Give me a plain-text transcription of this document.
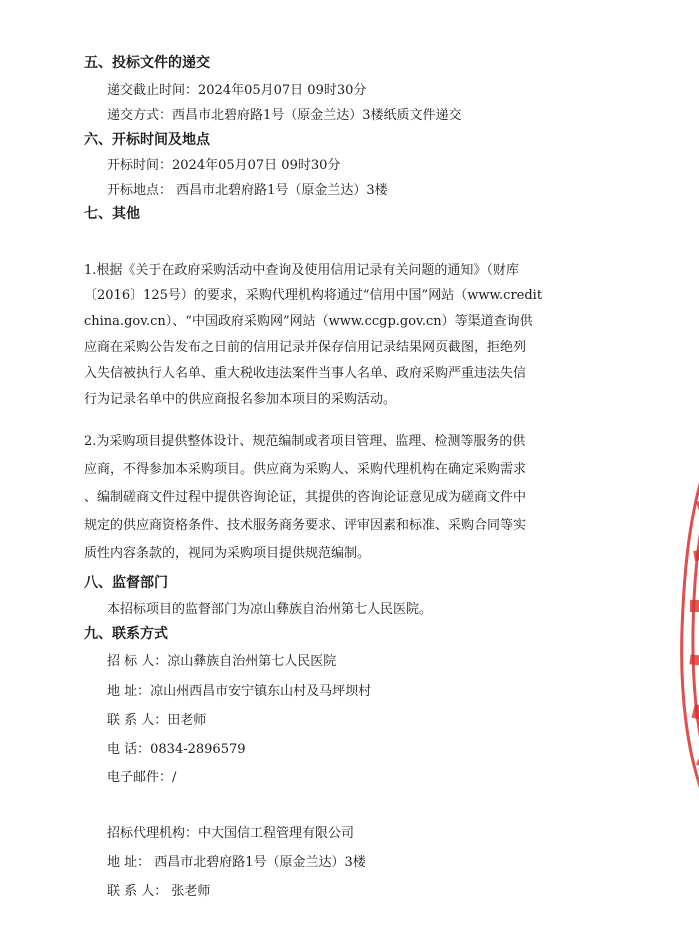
五、投标文件的递交
递交截止时间：2024年05月07日 09时30分
递交方式：西昌市北碧府路1号（原金兰达）3楼纸质文件递交
六、开标时间及地点
开标时间：2024年05月07日 09时30分
开标地点： 西昌市北碧府路1号（原金兰达）3楼
七、其他
1.根据《关于在政府采购活动中查询及使用信用记录有关问题的通知》（财库
〔2016〕125号）的要求，采购代理机构将通过“信用中国”网站（www.credit
china.gov.cn）、“中国政府采购网”网站（www.ccgp.gov.cn）等渠道查询供
应商在采购公告发布之日前的信用记录并保存信用记录结果网页截图，拒绝列
入失信被执行人名单、重大税收违法案件当事人名单、政府采购严重违法失信
行为记录名单中的供应商报名参加本项目的采购活动。
2.为采购项目提供整体设计、规范编制或者项目管理、监理、检测等服务的供
应商，不得参加本采购项目。供应商为采购人、采购代理机构在确定采购需求
、编制磋商文件过程中提供咨询论证，其提供的咨询论证意见成为磋商文件中
规定的供应商资格条件、技术服务商务要求、评审因素和标准、采购合同等实
质性内容条款的，视同为采购项目提供规范编制。
八、监督部门
本招标项目的监督部门为凉山彝族自治州第七人民医院。
九、联系方式
招 标 人：凉山彝族自治州第七人民医院
地 址：凉山州西昌市安宁镇东山村及马坪坝村
联 系 人：田老师
电 话：0834-2896579
电子邮件：/
招标代理机构：中大国信工程管理有限公司
地 址： 西昌市北碧府路1号（原金兰达）3楼
联 系 人： 张老师
